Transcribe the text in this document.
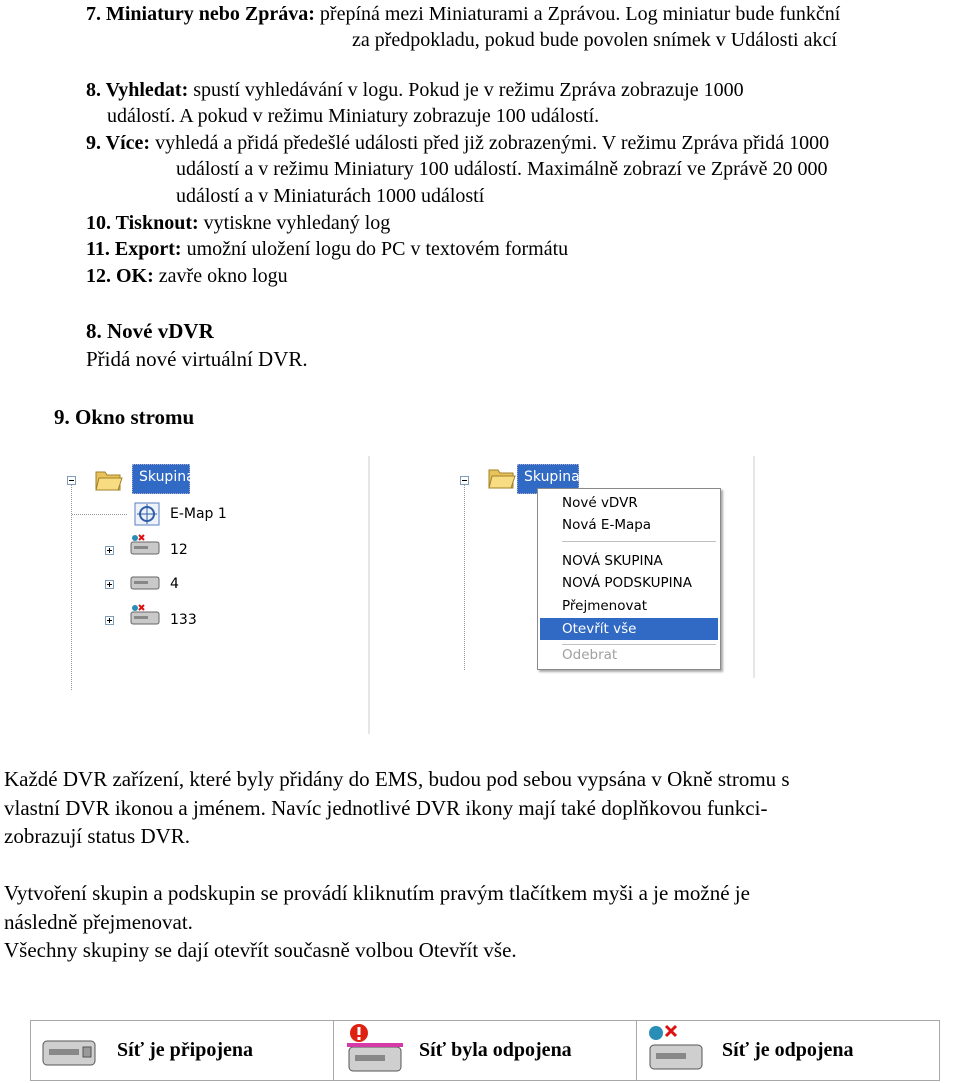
7. Miniatury nebo Zpráva: přepíná mezi Miniaturami a Zprávou. Log miniatur bude funkční
za předpokladu, pokud bude povolen snímek v Události akcí
8. Vyhledat: spustí vyhledávání v logu. Pokud je v režimu Zpráva zobrazuje 1000
událostí. A pokud v režimu Miniatury zobrazuje 100 událostí.
9. Více: vyhledá a přidá předešlé události před již zobrazenými. V režimu Zpráva přidá 1000
událostí a v režimu Miniatury 100 událostí. Maximálně zobrazí ve Zprávě 20 000
událostí a v Miniaturách 1000 událostí
10. Tisknout: vytiskne vyhledaný log
11. Export: umožní uložení logu do PC v textovém formátu
12. OK: zavře okno logu
8. Nové vDVR
Přidá nové virtuální DVR.
9. Okno stromu
Skupina
E-Map 1
12
4
133
Skupina
Nové vDVR
Nová E-Mapa
NOVÁ SKUPINA
NOVÁ PODSKUPINA
Přejmenovat
Otevřít vše
Odebrat
Každé DVR zařízení, které byly přidány do EMS, budou pod sebou vypsána v Okně stromu s
vlastní DVR ikonou a jménem. Navíc jednotlivé DVR ikony mají také doplňkovou funkci-
zobrazují status DVR.
Vytvoření skupin a podskupin se provádí kliknutím pravým tlačítkem myši a je možné je
následně přejmenovat.
Všechny skupiny se dají otevřít současně volbou Otevřít vše.
Síť je připojena	Síť byla odpojena	Síť je odpojena
